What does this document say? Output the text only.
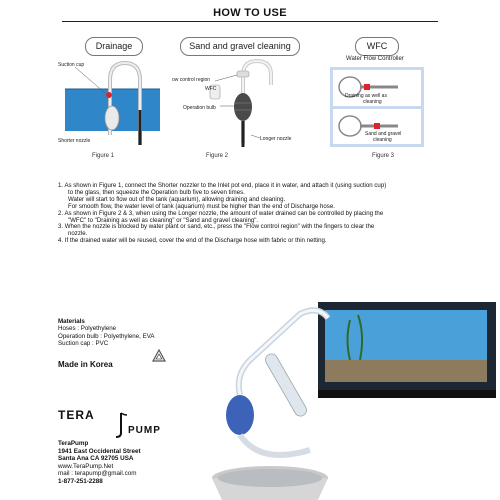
HOW TO USE
Drainage	Sand and gravel cleaning	WFC
Suction cup
Shorter nozzle
Figure 1
ow control region
WFC
Operation bulb
Longer nozzle
Figure 2
Water Flow Controller
Draining as well as
cleaning
Sand and gravel
cleaning
Figure 3

1. As shown in Figure 1, connect the Shorter nozzler to the Inlet pot end, place it in water, and attach it (using suction cup)

to the glass, then squeeze the Operation bulb five to seven times.

Water will start to flow out of the tank (aquarium), allowing draining and cleaning.

For smooth flow, the water level of tank (aquarium) must be higher than the end of Discharge hose.

2. As shown in Figure 2 & 3, when using the Longer nozzle, the amount of water drained can be controlled by placing the

"WFC" to "Draining as well as cleaning" or "Sand and gravel cleaning".

3. When the nozzle is blocked by water plant or sand, etc., press the "Flow control region" with the fingers to clear the

nozzle.

4. If the drained water will be reused, cover the end of the Discharge hose with fabric or thin netting.

Materials
Hoses : Polyethylene
Operation bulb : Polyethylene, EVA
Suction cap : PVC
Made in Korea
TERA
PUMP
TeraPump
1941 East Occidental Street
Santa Ana CA 92705 USA
www.TeraPump.Net
mail : terapump@gmail.com
1-877-251-2288
